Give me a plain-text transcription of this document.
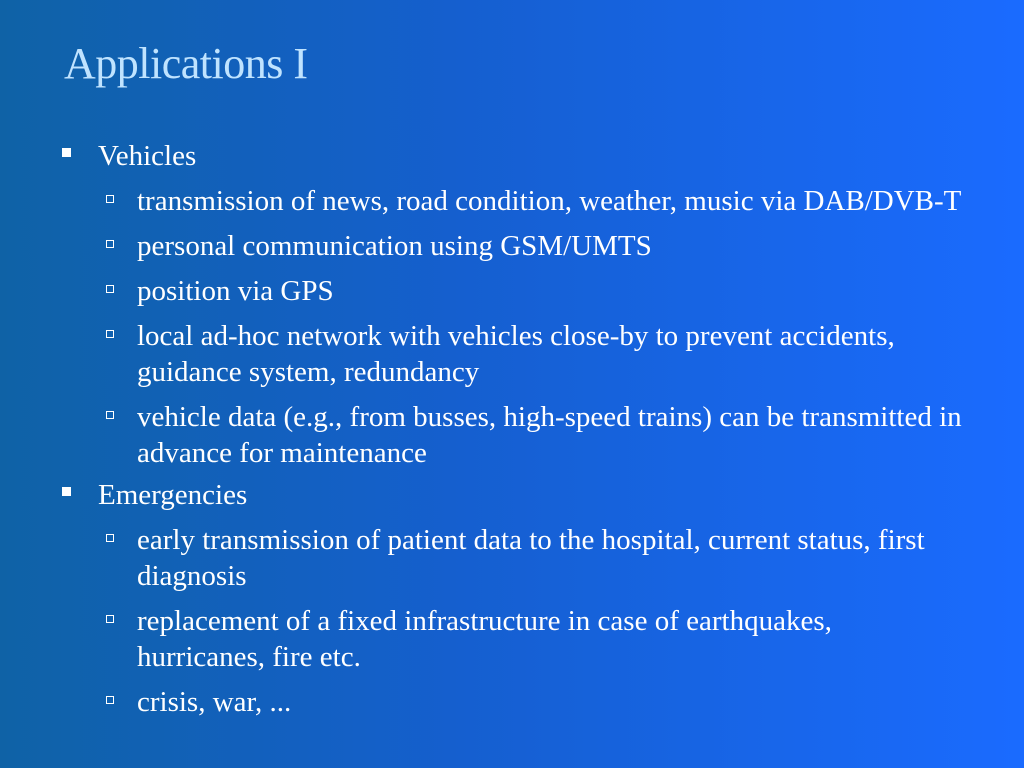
Applications I
Vehicles
transmission of news, road condition, weather, music via DAB/DVB-T
personal communication using GSM/UMTS
position via GPS
local ad-hoc network with vehicles close-by to prevent accidents, guidance system, redundancy
vehicle data (e.g., from busses, high-speed trains) can be transmitted in advance for maintenance
Emergencies
early transmission of patient data to the hospital, current status, first diagnosis
replacement of a fixed infrastructure in case of earthquakes, hurricanes, fire etc.
crisis, war, ...
